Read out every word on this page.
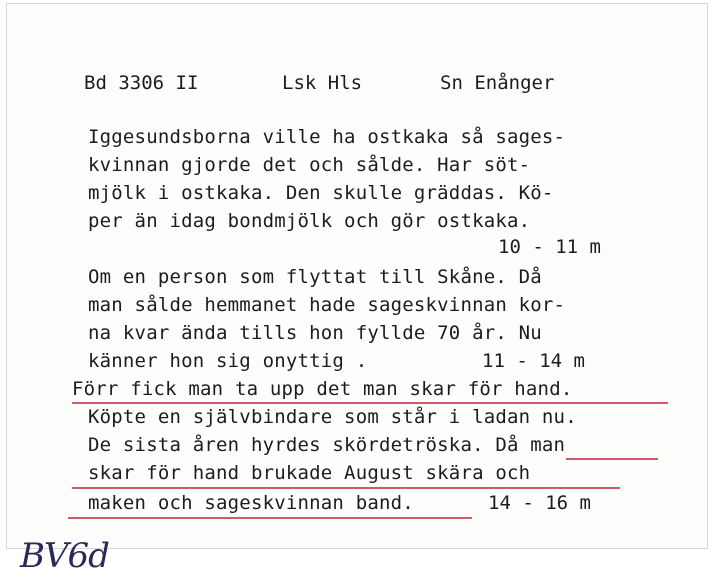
Bd 3306 II	Lsk Hls	Sn Enånger
Iggesundsborna ville ha ostkaka så sages-
kvinnan gjorde det och sålde. Har söt-
mjölk i ostkaka. Den skulle gräddas. Kö-
per än idag bondmjölk och gör ostkaka.
10 - 11 m
Om en person som flyttat till Skåne. Då
man sålde hemmanet hade sageskvinnan kor-
na kvar ända tills hon fyllde 70 år. Nu
känner hon sig onyttig .	11 - 14 m
Förr fick man ta upp det man skar för hand.
Köpte en självbindare som står i ladan nu.
De sista åren hyrdes skördetröska. Då man
skar för hand brukade August skära och
maken och sageskvinnan band.	14 - 16 m
BV6d
